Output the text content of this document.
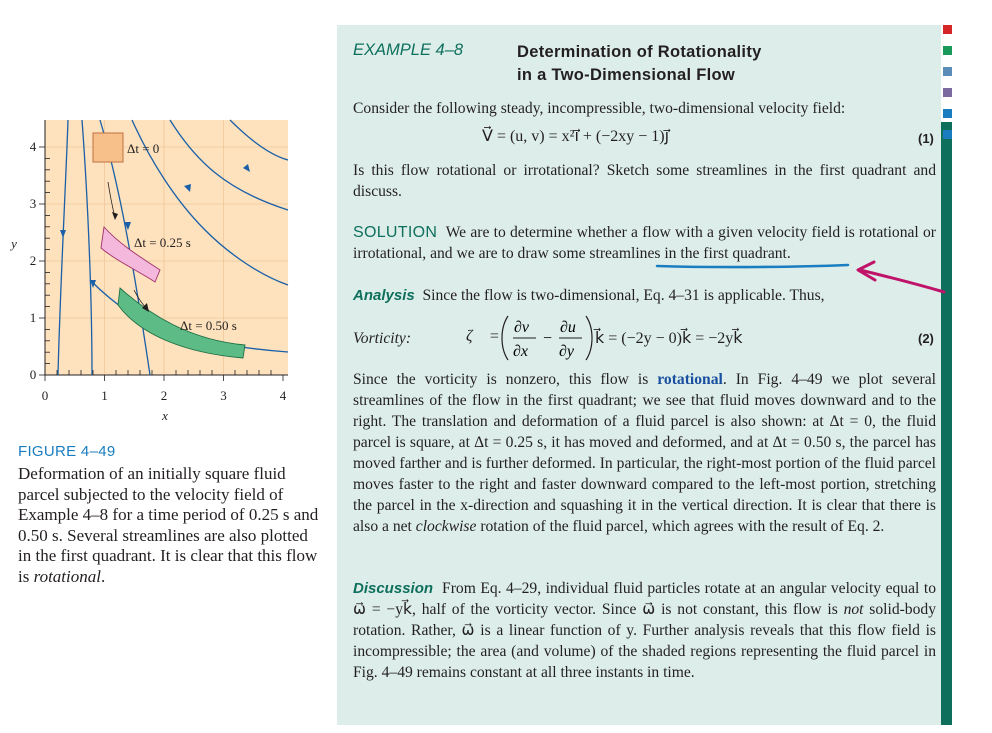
Δt = 0
Δt = 0.25 s
Δt = 0.50 s
0	1	2	3	4
0
1
2
3
4
x
y
FIGURE 4–49
Deformation of an initially square fluid parcel subjected to the velocity field of Example 4–8 for a time period of 0.25 s and 0.50 s. Several streamlines are also plotted in the first quadrant. It is clear that this flow is rotational.
EXAMPLE 4–8	Determination of Rotationality
in a Two-Dimensional Flow
Consider the following steady, incompressible, two-dimensional velocity field:
V⃗ = (u, v) = x²i⃗ + (−2xy − 1)j⃗	(1)
Is this flow rotational or irrotational? Sketch some streamlines in the first quadrant and discuss.
SOLUTION We are to determine whether a flow with a given velocity field is rotational or irrotational, and we are to draw some streamlines in the first quadrant.
Analysis Since the flow is two-dimensional, Eq. 4–31 is applicable. Thus,
Vorticity:	ζ⃗ =
∂v
∂x
−
∂u
∂y
k⃗ = (−2y − 0)k⃗ = −2yk⃗	(2)
Since the vorticity is nonzero, this flow is rotational. In Fig. 4–49 we plot several streamlines of the flow in the first quadrant; we see that fluid moves downward and to the right. The translation and deformation of a fluid parcel is also shown: at Δt = 0, the fluid parcel is square, at Δt = 0.25 s, it has moved and deformed, and at Δt = 0.50 s, the parcel has moved farther and is further deformed. In particular, the right-most portion of the fluid parcel moves faster to the right and faster downward compared to the left-most portion, stretching the parcel in the x-direction and squashing it in the vertical direction. It is clear that there is also a net clockwise rotation of the fluid parcel, which agrees with the result of Eq. 2.
Discussion From Eq. 4–29, individual fluid particles rotate at an angular velocity equal to ω⃗ = −yk⃗, half of the vorticity vector. Since ω⃗ is not constant, this flow is not solid-body rotation. Rather, ω⃗ is a linear function of y. Further analysis reveals that this flow field is incompressible; the area (and volume) of the shaded regions representing the fluid parcel in Fig. 4–49 remains constant at all three instants in time.
